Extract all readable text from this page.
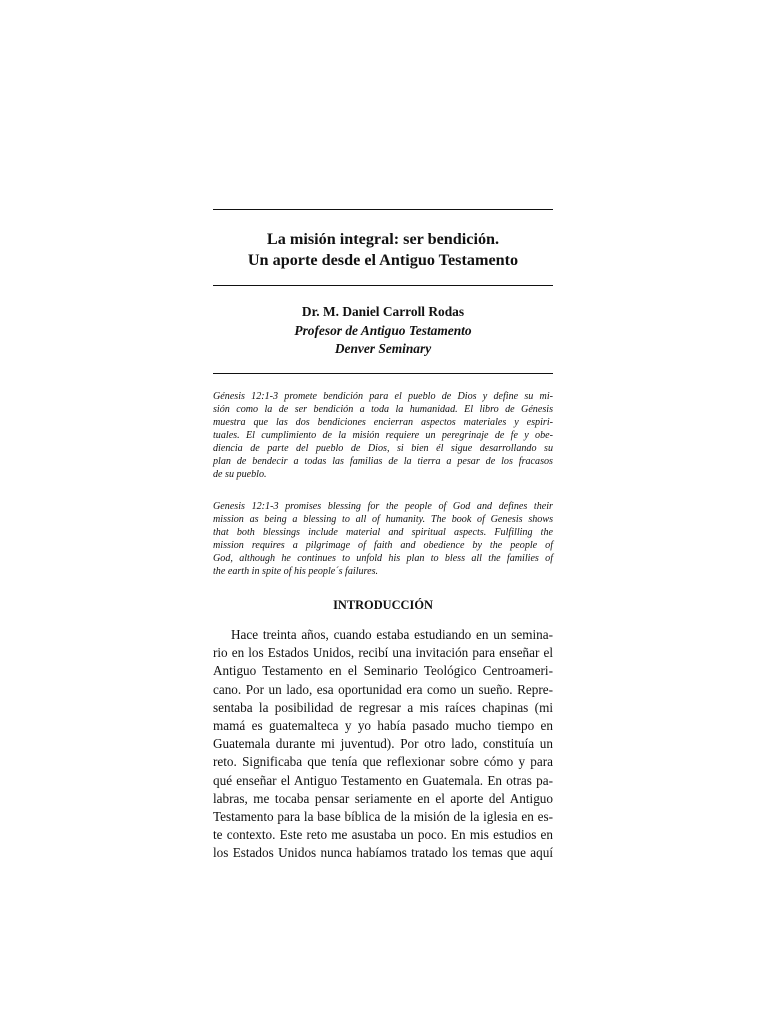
La misión integral: ser bendición.
Un aporte desde el Antiguo Testamento
Dr. M. Daniel Carroll Rodas
Profesor de Antiguo Testamento
Denver Seminary

Génesis 12:1-3 promete bendición para el pueblo de Dios y define su mi-
sión como la de ser bendición a toda la humanidad. El libro de Génesis
muestra que las dos bendiciones encierran aspectos materiales y espiri-
tuales. El cumplimiento de la misión requiere un peregrinaje de fe y obe-
diencia de parte del pueblo de Dios, si bien él sigue desarrollando su
plan de bendecir a todas las familias de la tierra a pesar de los fracasos
de su pueblo.

Genesis 12:1-3 promises blessing for the people of God and defines their
mission as being a blessing to all of humanity. The book of Genesis shows
that both blessings include material and spiritual aspects. Fulfilling the
mission requires a pilgrimage of faith and obedience by the people of
God, although he continues to unfold his plan to bless all the families of
the earth in spite of his people´s failures.

INTRODUCCIÓN

Hace treinta años, cuando estaba estudiando en un semina-
rio en los Estados Unidos, recibí una invitación para enseñar el
Antiguo Testamento en el Seminario Teológico Centroameri-
cano. Por un lado, esa oportunidad era como un sueño. Repre-
sentaba la posibilidad de regresar a mis raíces chapinas (mi
mamá es guatemalteca y yo había pasado mucho tiempo en
Guatemala durante mi juventud). Por otro lado, constituía un
reto. Significaba que tenía que reflexionar sobre cómo y para
qué enseñar el Antiguo Testamento en Guatemala. En otras pa-
labras, me tocaba pensar seriamente en el aporte del Antiguo
Testamento para la base bíblica de la misión de la iglesia en es-
te contexto. Este reto me asustaba un poco. En mis estudios en
los Estados Unidos nunca habíamos tratado los temas que aquí
